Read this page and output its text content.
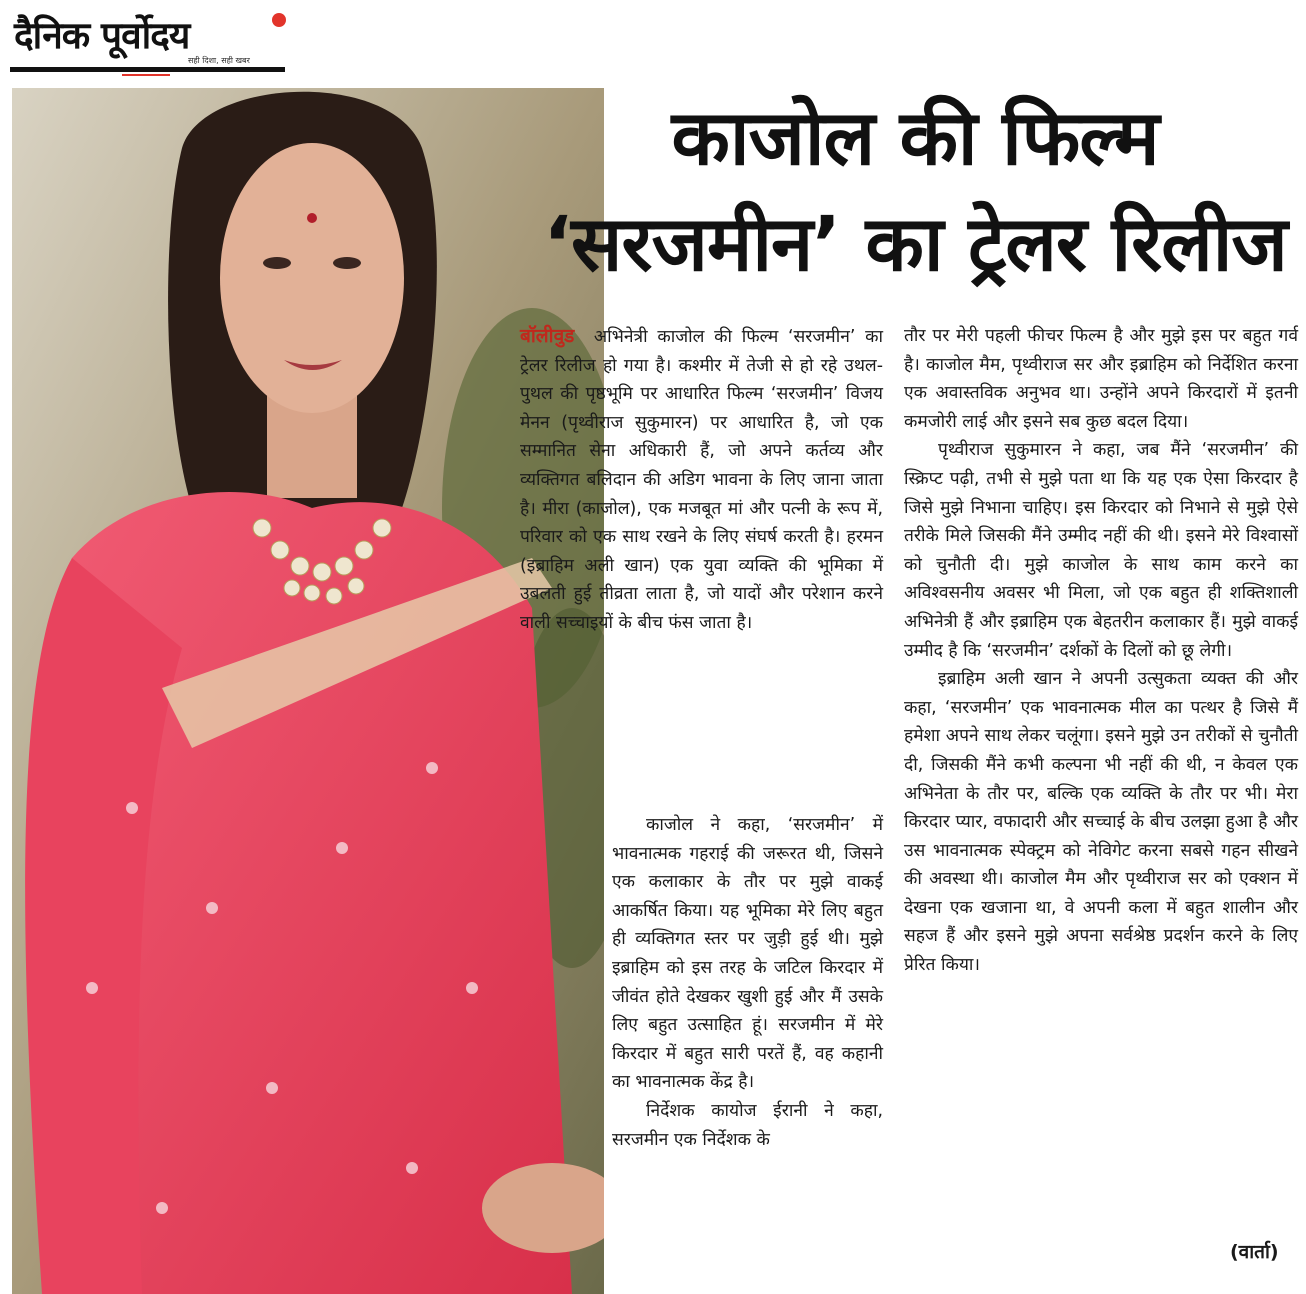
दैनिक पूर्वोदय
सही दिशा, सही खबर
काजोल की फिल्म
‘सरजमीन’ का ट्रेलर रिलीज

बॉलीवुड अभिनेत्री काजोल की फिल्म ‘सरजमीन’ का ट्रेलर रिलीज हो गया है। कश्मीर में तेजी से हो रहे उथल-पुथल की पृष्ठभूमि पर आधारित फिल्म ‘सरजमीन’ विजय मेनन (पृथ्वीराज सुकुमारन) पर आधारित है, जो एक सम्मानित सेना अधिकारी हैं, जो अपने कर्तव्य और व्यक्तिगत बलिदान की अडिग भावना के लिए जाना जाता है। मीरा (काजोल), एक मजबूत मां और पत्नी के रूप में, परिवार को एक साथ रखने के लिए संघर्ष करती है। हरमन (इब्राहिम अली खान) एक युवा व्यक्ति की भूमिका में उबलती हुई तीव्रता लाता है, जो यादों और परेशान करने वाली सच्चाइयों के बीच फंस जाता है।

काजोल ने कहा, ‘सरजमीन’ में भावनात्मक गहराई की जरूरत थी, जिसने एक कलाकार के तौर पर मुझे वाकई आकर्षित किया। यह भूमिका मेरे लिए बहुत ही व्यक्तिगत स्तर पर जुड़ी हुई थी। मुझे इब्राहिम को इस तरह के जटिल किरदार में जीवंत होते देखकर खुशी हुई और मैं उसके लिए बहुत उत्साहित हूं। सरजमीन में मेरे किरदार में बहुत सारी परतें हैं, वह कहानी का भावनात्मक केंद्र है।

निर्देशक कायोज ईरानी ने कहा, सरजमीन एक निर्देशक के

तौर पर मेरी पहली फीचर फिल्म है और मुझे इस पर बहुत गर्व है। काजोल मैम, पृथ्वीराज सर और इब्राहिम को निर्देशित करना एक अवास्तविक अनुभव था। उन्होंने अपने किरदारों में इतनी कमजोरी लाई और इसने सब कुछ बदल दिया।

पृथ्वीराज सुकुमारन ने कहा, जब मैंने ‘सरजमीन’ की स्क्रिप्ट पढ़ी, तभी से मुझे पता था कि यह एक ऐसा किरदार है जिसे मुझे निभाना चाहिए। इस किरदार को निभाने से मुझे ऐसे तरीके मिले जिसकी मैंने उम्मीद नहीं की थी। इसने मेरे विश्वासों को चुनौती दी। मुझे काजोल के साथ काम करने का अविश्वसनीय अवसर भी मिला, जो एक बहुत ही शक्तिशाली अभिनेत्री हैं और इब्राहिम एक बेहतरीन कलाकार हैं। मुझे वाकई उम्मीद है कि ‘सरजमीन’ दर्शकों के दिलों को छू लेगी।

इब्राहिम अली खान ने अपनी उत्सुकता व्यक्त की और कहा, ‘सरजमीन’ एक भावनात्मक मील का पत्थर है जिसे मैं हमेशा अपने साथ लेकर चलूंगा। इसने मुझे उन तरीकों से चुनौती दी, जिसकी मैंने कभी कल्पना भी नहीं की थी, न केवल एक अभिनेता के तौर पर, बल्कि एक व्यक्ति के तौर पर भी। मेरा किरदार प्यार, वफादारी और सच्चाई के बीच उलझा हुआ है और उस भावनात्मक स्पेक्ट्रम को नेविगेट करना सबसे गहन सीखने की अवस्था थी। काजोल मैम और पृथ्वीराज सर को एक्शन में देखना एक खजाना था, वे अपनी कला में बहुत शालीन और सहज हैं और इसने मुझे अपना सर्वश्रेष्ठ प्रदर्शन करने के लिए प्रेरित किया।

(वार्ता)
